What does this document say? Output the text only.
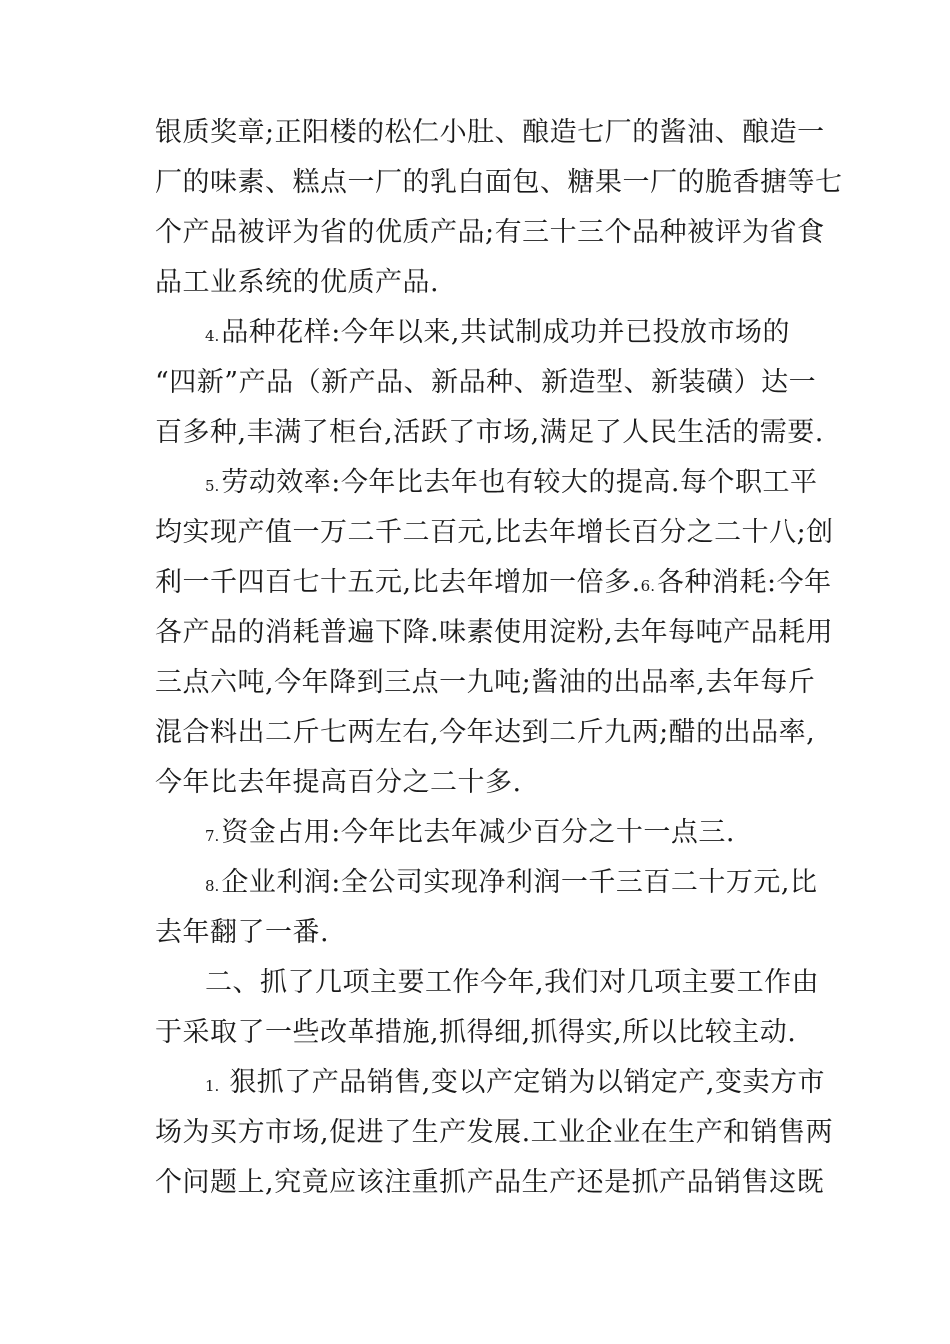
银质奖章;正阳楼的松仁小肚、酿造七厂的酱油、酿造一
厂的味素、糕点一厂的乳白面包、糖果一厂的脆香搪等七
个产品被评为省的优质产品;有三十三个品种被评为省食
品工业系统的优质产品.
4.品种花样:今年以来,共试制成功并已投放市场的
“四新”产品（新产品、新品种、新造型、新装磺）达一
百多种,丰满了柜台,活跃了市场,满足了人民生活的需要.
5.劳动效率:今年比去年也有较大的提高.每个职工平
均实现产值一万二千二百元,比去年增长百分之二十八;创
利一千四百七十五元,比去年增加一倍多.6.各种消耗:今年
各产品的消耗普遍下降.味素使用淀粉,去年每吨产品耗用
三点六吨,今年降到三点一九吨;酱油的出品率,去年每斤
混合料出二斤七两左右,今年达到二斤九两;醋的出品率,
今年比去年提高百分之二十多.
7.资金占用:今年比去年减少百分之十一点三.
8.企业利润:全公司实现净利润一千三百二十万元,比
去年翻了一番.
二、抓了几项主要工作今年,我们对几项主要工作由
于采取了一些改革措施,抓得细,抓得实,所以比较主动.
1. 狠抓了产品销售,变以产定销为以销定产,变卖方市
场为买方市场,促进了生产发展.工业企业在生产和销售两
个问题上,究竟应该注重抓产品生产还是抓产品销售这既
